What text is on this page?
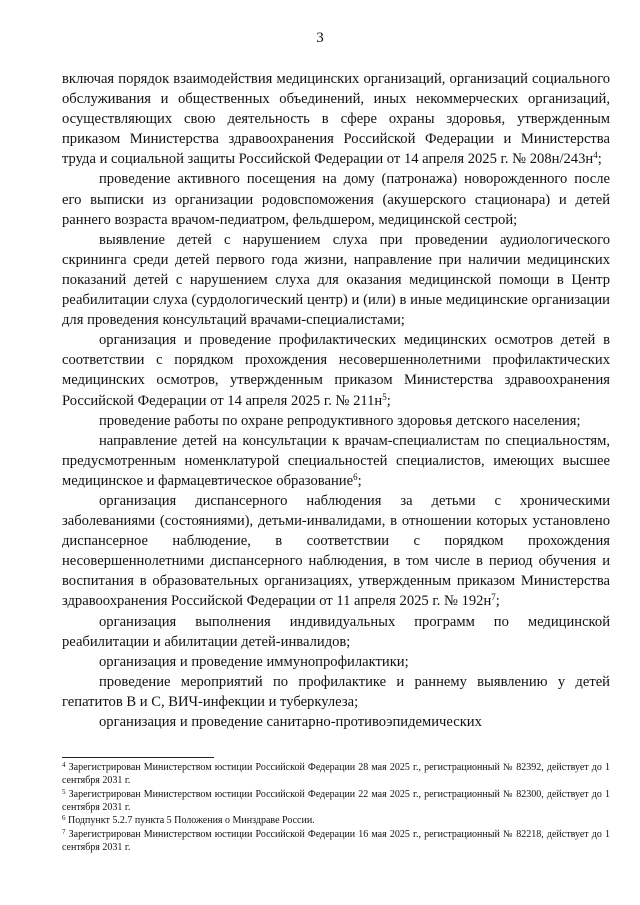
3

включая порядок взаимодействия медицинских организаций, организаций социального обслуживания и общественных объединений, иных некоммерческих организаций, осуществляющих свою деятельность в сфере охраны здоровья, утвержденным приказом Министерства здравоохранения Российской Федерации и Министерства труда и социальной защиты Российской Федерации от 14 апреля 2025 г. № $208н/243н^4$;

проведение активного посещения на дому (патронажа) новорожденного после его выписки из организации родовспоможения (акушерского стационара) и детей раннего возраста врачом-педиатром, фельдшером, медицинской сестрой;

выявление детей с нарушением слуха при проведении аудиологического скрининга среди детей первого года жизни, направление при наличии медицинских показаний детей с нарушением слуха для оказания медицинской помощи в Центр реабилитации слуха (сурдологический центр) и (или) в иные медицинские организации для проведения консультаций врачами-специалистами;

организация и проведение профилактических медицинских осмотров детей в соответствии с порядком прохождения несовершеннолетними профилактических медицинских осмотров, утвержденным приказом Министерства здравоохранения Российской Федерации от 14 апреля 2025 г. № $211н^5$;

проведение работы по охране репродуктивного здоровья детского населения;

направление детей на консультации к врачам-специалистам по специальностям, предусмотренным номенклатурой специальностей специалистов, имеющих высшее медицинское и фармацевтическое образование$^6$;

организация диспансерного наблюдения за детьми с хроническими заболеваниями (состояниями), детьми-инвалидами, в отношении которых установлено диспансерное наблюдение, в соответствии с порядком прохождения несовершеннолетними диспансерного наблюдения, в том числе в период обучения и воспитания в образовательных организациях, утвержденным приказом Министерства здравоохранения Российской Федерации от 11 апреля 2025 г. № $192н^7$;

организация выполнения индивидуальных программ по медицинской реабилитации и абилитации детей-инвалидов;

организация и проведение иммунопрофилактики;

проведение мероприятий по профилактике и раннему выявлению у детей гепатитов В и С, ВИЧ-инфекции и туберкулеза;

организация и проведение санитарно-противоэпидемических

$^4$ Зарегистрирован Министерством юстиции Российской Федерации 28 мая 2025 г., регистрационный № 82392, действует до 1 сентября 2031 г.

$^5$ Зарегистрирован Министерством юстиции Российской Федерации 22 мая 2025 г., регистрационный № 82300, действует до 1 сентября 2031 г.

$^6$ Подпункт 5.2.7 пункта 5 Положения о Минздраве России.

$^7$ Зарегистрирован Министерством юстиции Российской Федерации 16 мая 2025 г., регистрационный № 82218, действует до 1 сентября 2031 г.
